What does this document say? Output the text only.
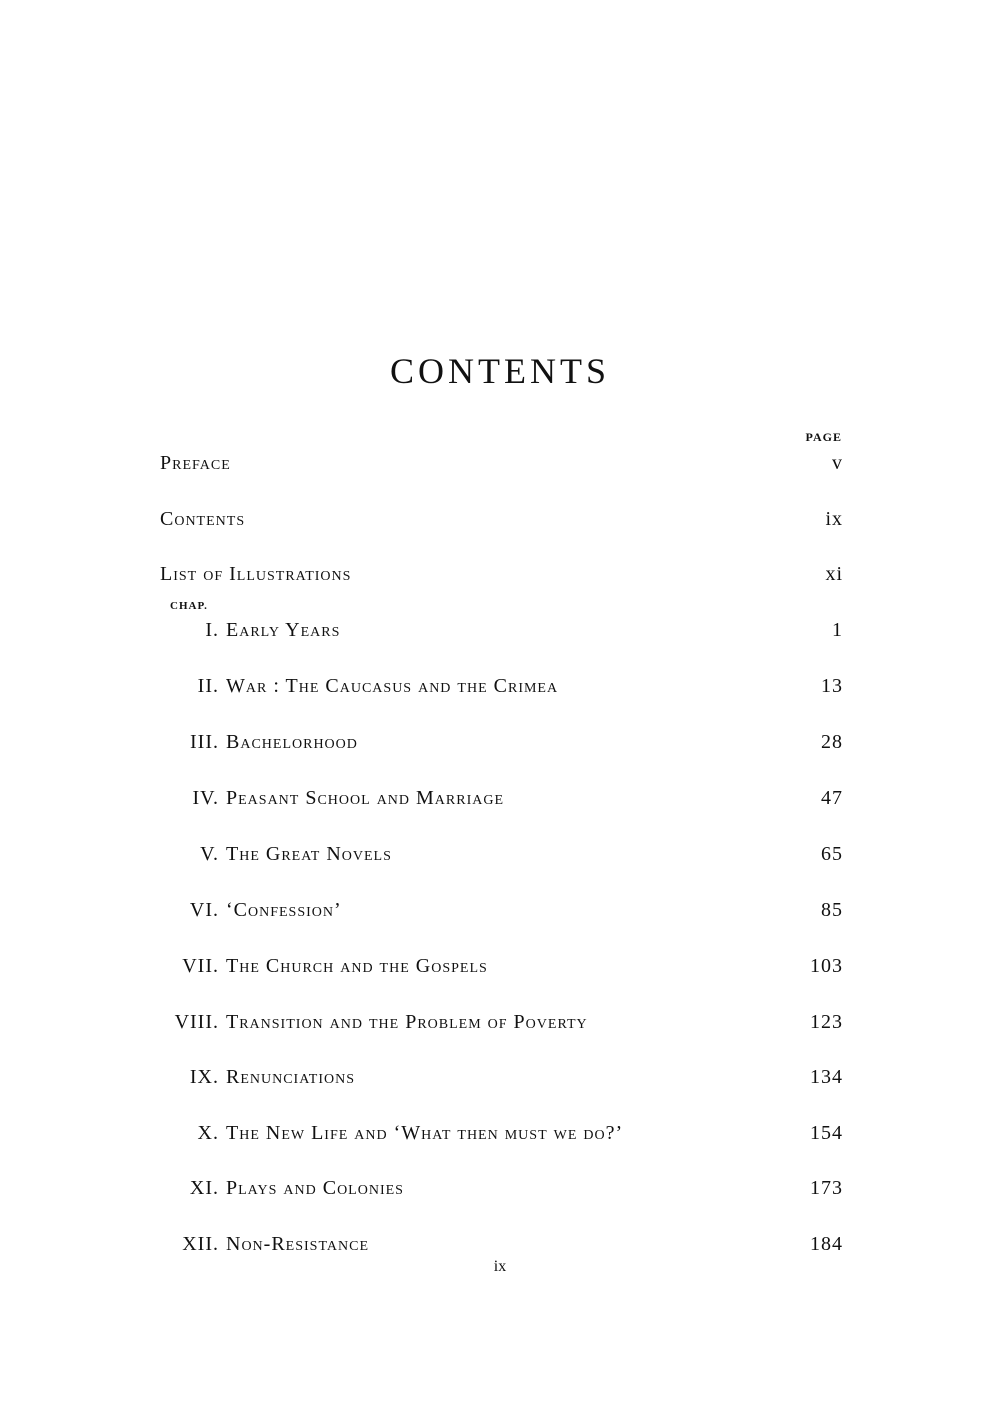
CONTENTS
PAGE
Preface	v
Contents	ix
List of Illustrations	xi
CHAP.
I. Early Years	1
II. War : The Caucasus and the Crimea	13
III. Bachelorhood	28
IV. Peasant School and Marriage	47
V. The Great Novels	65
VI. ‘Confession’	85
VII. The Church and the Gospels	103
VIII. Transition and the Problem of Poverty	123
IX. Renunciations	134
X. The New Life and ‘What then must we do?’	154
XI. Plays and Colonies	173
XII. Non-Resistance	184
ix
